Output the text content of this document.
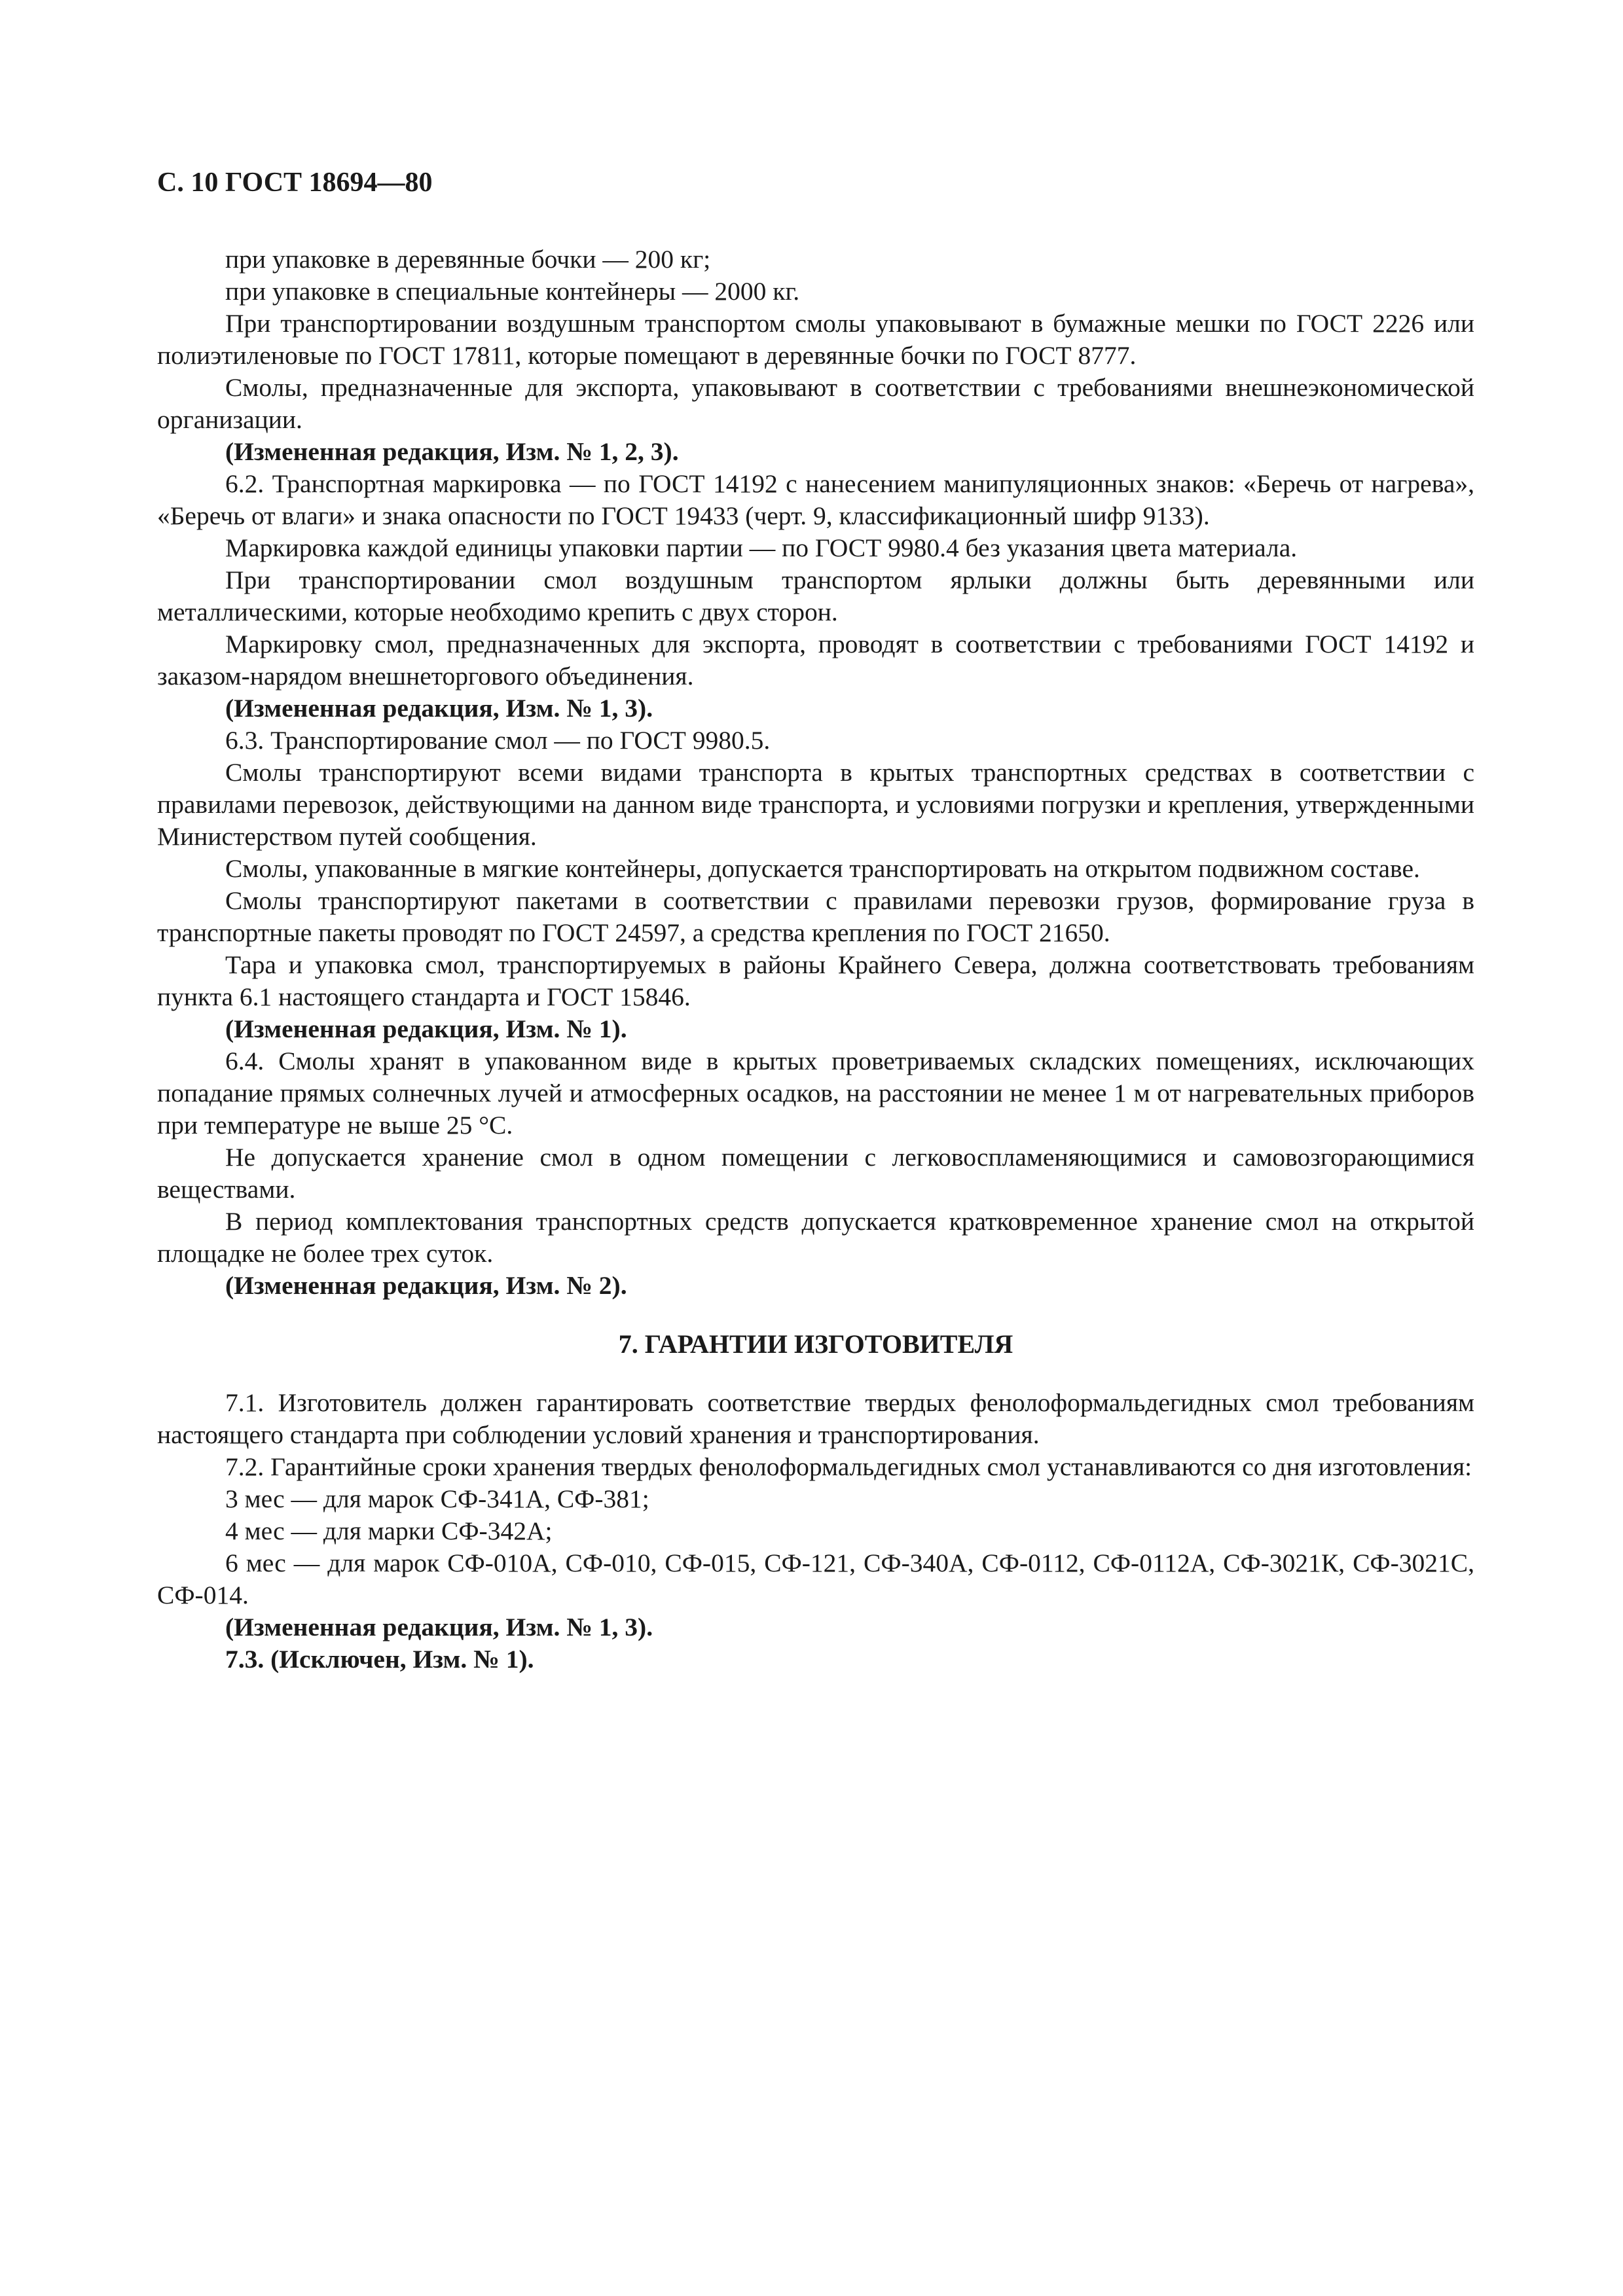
С. 10 ГОСТ 18694—80

при упаковке в деревянные бочки — 200 кг;

при упаковке в специальные контейнеры — 2000 кг.

При транспортировании воздушным транспортом смолы упаковывают в бумажные мешки по ГОСТ 2226 или полиэтиленовые по ГОСТ 17811, которые помещают в деревянные бочки по ГОСТ 8777.

Смолы, предназначенные для экспорта, упаковывают в соответствии с требованиями внешнеэкономической организации.

(Измененная редакция, Изм. № 1, 2, 3).

6.2. Транспортная маркировка — по ГОСТ 14192 с нанесением манипуляционных знаков: «Беречь от нагрева», «Беречь от влаги» и знака опасности по ГОСТ 19433 (черт. 9, классификационный шифр 9133).

Маркировка каждой единицы упаковки партии — по ГОСТ 9980.4 без указания цвета материала.

При транспортировании смол воздушным транспортом ярлыки должны быть деревянными или металлическими, которые необходимо крепить с двух сторон.

Маркировку смол, предназначенных для экспорта, проводят в соответствии с требованиями ГОСТ 14192 и заказом-нарядом внешнеторгового объединения.

(Измененная редакция, Изм. № 1, 3).

6.3. Транспортирование смол — по ГОСТ 9980.5.

Смолы транспортируют всеми видами транспорта в крытых транспортных средствах в соответствии с правилами перевозок, действующими на данном виде транспорта, и условиями погрузки и крепления, утвержденными Министерством путей сообщения.

Смолы, упакованные в мягкие контейнеры, допускается транспортировать на открытом подвижном составе.

Смолы транспортируют пакетами в соответствии с правилами перевозки грузов, формирование груза в транспортные пакеты проводят по ГОСТ 24597, а средства крепления по ГОСТ 21650.

Тара и упаковка смол, транспортируемых в районы Крайнего Севера, должна соответствовать требованиям пункта 6.1 настоящего стандарта и ГОСТ 15846.

(Измененная редакция, Изм. № 1).

6.4. Смолы хранят в упакованном виде в крытых проветриваемых складских помещениях, исключающих попадание прямых солнечных лучей и атмосферных осадков, на расстоянии не менее 1 м от нагревательных приборов при температуре не выше 25 °С.

Не допускается хранение смол в одном помещении с легковоспламеняющимися и самовозгорающимися веществами.

В период комплектования транспортных средств допускается кратковременное хранение смол на открытой площадке не более трех суток.

(Измененная редакция, Изм. № 2).

7. ГАРАНТИИ ИЗГОТОВИТЕЛЯ

7.1. Изготовитель должен гарантировать соответствие твердых фенолоформальдегидных смол требованиям настоящего стандарта при соблюдении условий хранения и транспортирования.

7.2. Гарантийные сроки хранения твердых фенолоформальдегидных смол устанавливаются со дня изготовления:

3 мес — для марок СФ-341А, СФ-381;

4 мес — для марки СФ-342А;

6 мес — для марок СФ-010А, СФ-010, СФ-015, СФ-121, СФ-340А, СФ-0112, СФ-0112А, СФ-3021К, СФ-3021С, СФ-014.

(Измененная редакция, Изм. № 1, 3).

7.3. (Исключен, Изм. № 1).
